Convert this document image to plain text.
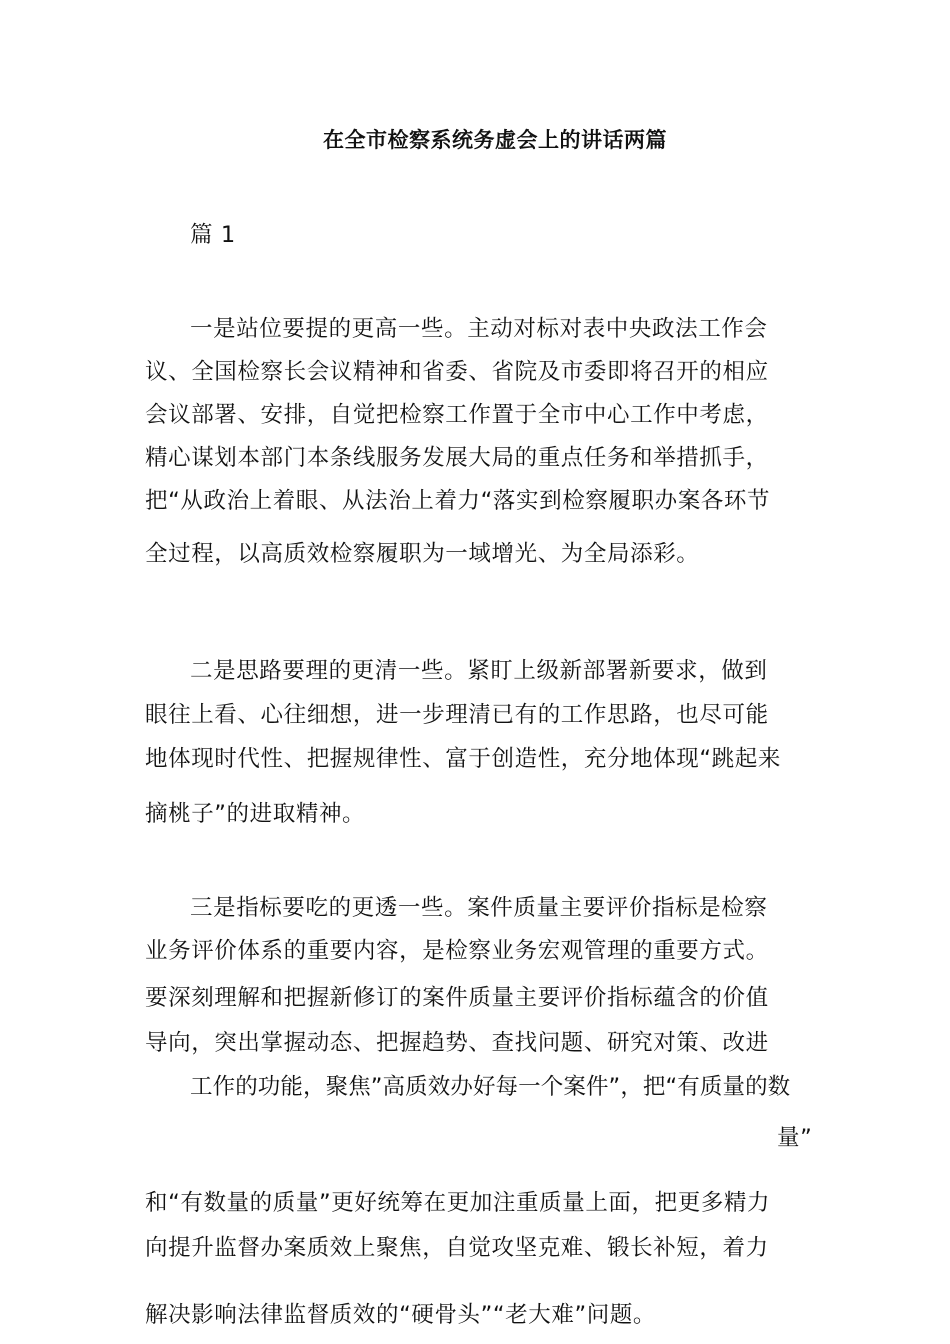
在全市检察系统务虚会上的讲话两篇
篇 1
一是站位要提的更高一些。主动对标对表中央政法工作会
议、全国检察长会议精神和省委、省院及市委即将召开的相应
会议部署、安排，自觉把检察工作置于全市中心工作中考虑，
精心谋划本部门本条线服务发展大局的重点任务和举措抓手，
把“从政治上着眼、从法治上着力“落实到检察履职办案各环节
全过程，以高质效检察履职为一域增光、为全局添彩。
二是思路要理的更清一些。紧盯上级新部署新要求，做到
眼往上看、心往细想，进一步理清已有的工作思路，也尽可能
地体现时代性、把握规律性、富于创造性，充分地体现“跳起来
摘桃子”的进取精神。
三是指标要吃的更透一些。案件质量主要评价指标是检察
业务评价体系的重要内容，是检察业务宏观管理的重要方式。
要深刻理解和把握新修订的案件质量主要评价指标蕴含的价值
导向，突出掌握动态、把握趋势、查找问题、研究对策、改进
工作的功能，聚焦”高质效办好每一个案件”，把“有质量的数
量”
和“有数量的质量”更好统筹在更加注重质量上面，把更多精力
向提升监督办案质效上聚焦，自觉攻坚克难、锻长补短，着力
解决影响法律监督质效的“硬骨头”“老大难”问题。
